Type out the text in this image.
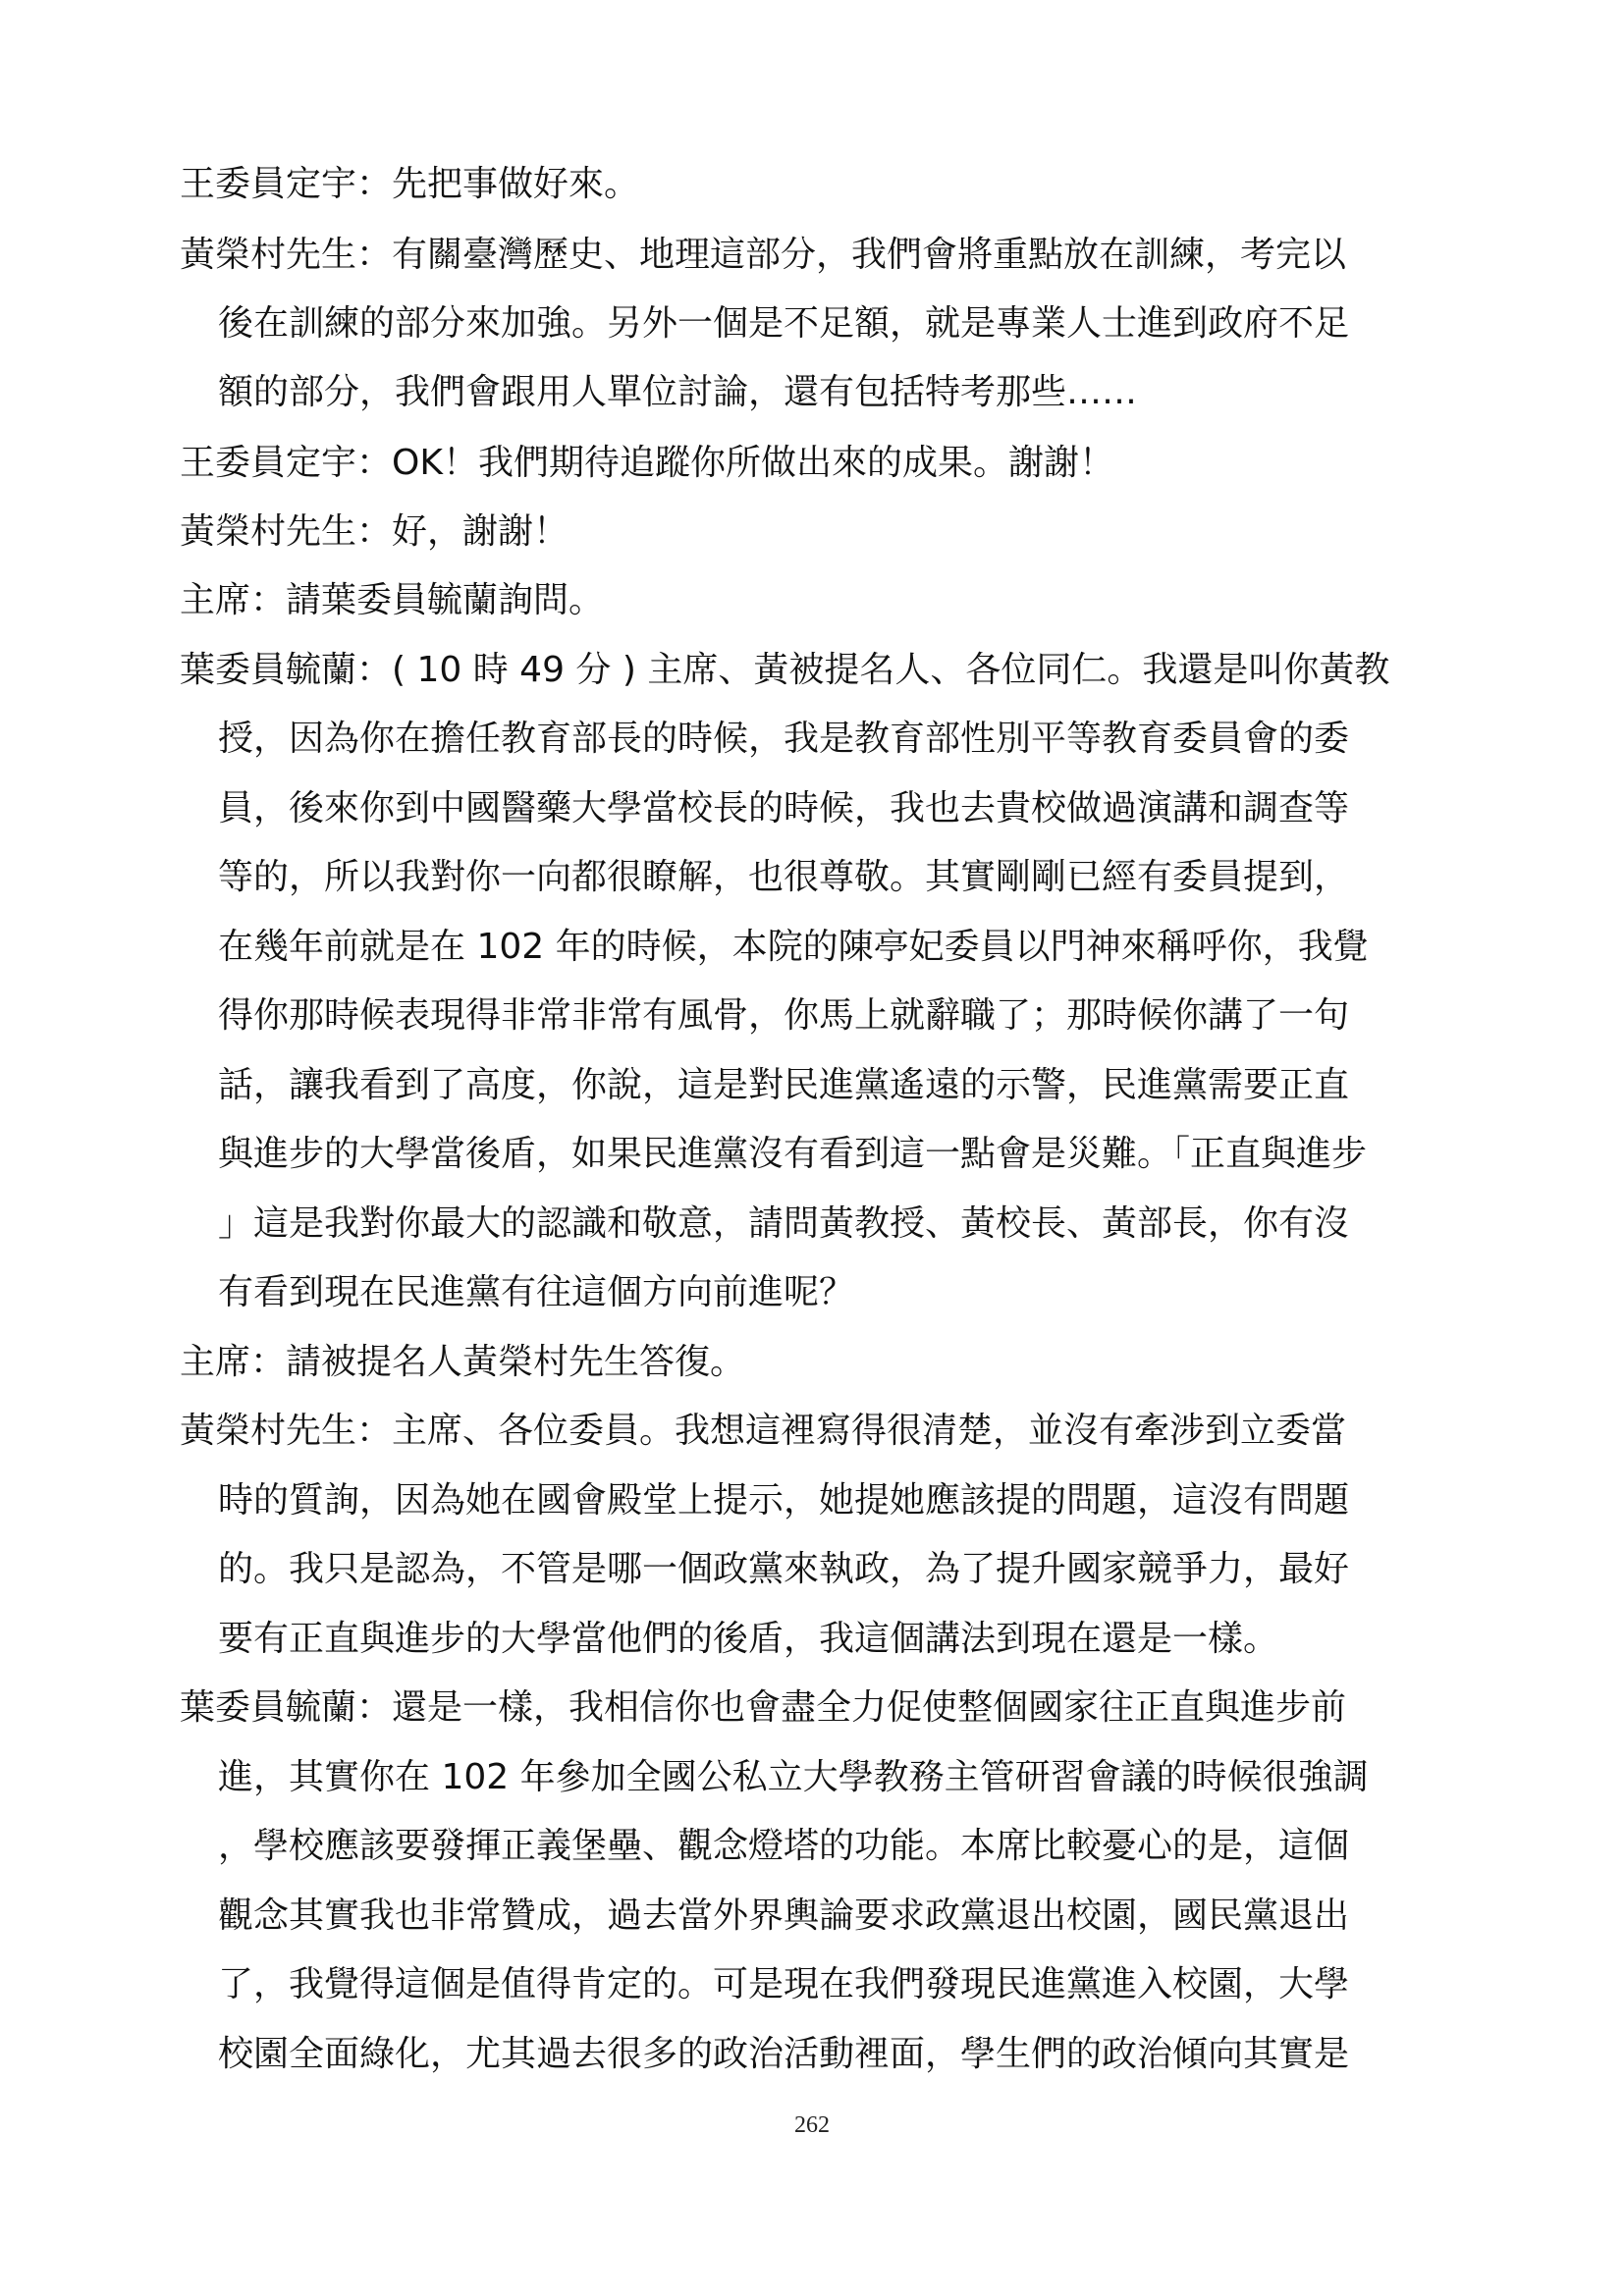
王委員定宇：先把事做好來。
黃榮村先生：有關臺灣歷史、地理這部分，我們會將重點放在訓練，考完以
後在訓練的部分來加強。另外一個是不足額，就是專業人士進到政府不足
額的部分，我們會跟用人單位討論，還有包括特考那些……
王委員定宇：OK！我們期待追蹤你所做出來的成果。謝謝！
黃榮村先生：好，謝謝！
主席：請葉委員毓蘭詢問。
葉委員毓蘭：( 10 時 49 分 ) 主席、黃被提名人、各位同仁。我還是叫你黃教
授，因為你在擔任教育部長的時候，我是教育部性別平等教育委員會的委
員，後來你到中國醫藥大學當校長的時候，我也去貴校做過演講和調查等
等的，所以我對你一向都很瞭解，也很尊敬。其實剛剛已經有委員提到，
在幾年前就是在 102 年的時候，本院的陳亭妃委員以門神來稱呼你，我覺
得你那時候表現得非常非常有風骨，你馬上就辭職了；那時候你講了一句
話，讓我看到了高度，你說，這是對民進黨遙遠的示警，民進黨需要正直
與進步的大學當後盾，如果民進黨沒有看到這一點會是災難。「正直與進步
」這是我對你最大的認識和敬意，請問黃教授、黃校長、黃部長，你有沒
有看到現在民進黨有往這個方向前進呢？
主席：請被提名人黃榮村先生答復。
黃榮村先生：主席、各位委員。我想這裡寫得很清楚，並沒有牽涉到立委當
時的質詢，因為她在國會殿堂上提示，她提她應該提的問題，這沒有問題
的。我只是認為，不管是哪一個政黨來執政，為了提升國家競爭力，最好
要有正直與進步的大學當他們的後盾，我這個講法到現在還是一樣。
葉委員毓蘭：還是一樣，我相信你也會盡全力促使整個國家往正直與進步前
進，其實你在 102 年參加全國公私立大學教務主管研習會議的時候很強調
，學校應該要發揮正義堡壘、觀念燈塔的功能。本席比較憂心的是，這個
觀念其實我也非常贊成，過去當外界輿論要求政黨退出校園，國民黨退出
了，我覺得這個是值得肯定的。可是現在我們發現民進黨進入校園，大學
校園全面綠化，尤其過去很多的政治活動裡面，學生們的政治傾向其實是
262
